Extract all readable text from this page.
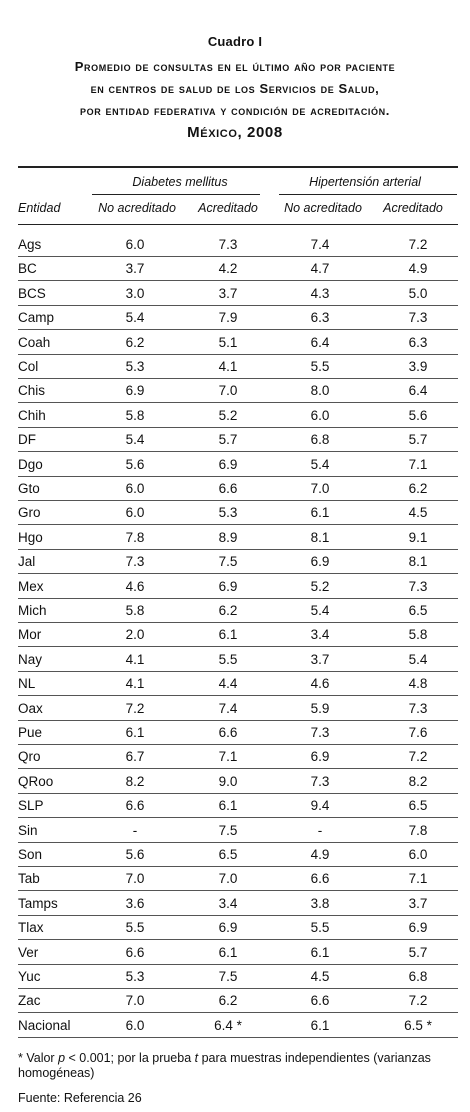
Cuadro I
Promedio de consultas en el último año por paciente
en centros de salud de los Servicios de Salud,
por entidad federativa y condición de acreditación.
México, 2008
Diabetes mellitus	Hipertensión arterial
Entidad	No acreditado	Acreditado	No acreditado	Acreditado
Ags	6.0	7.3	7.4	7.2
BC	3.7	4.2	4.7	4.9
BCS	3.0	3.7	4.3	5.0
Camp	5.4	7.9	6.3	7.3
Coah	6.2	5.1	6.4	6.3
Col	5.3	4.1	5.5	3.9
Chis	6.9	7.0	8.0	6.4
Chih	5.8	5.2	6.0	5.6
DF	5.4	5.7	6.8	5.7
Dgo	5.6	6.9	5.4	7.1
Gto	6.0	6.6	7.0	6.2
Gro	6.0	5.3	6.1	4.5
Hgo	7.8	8.9	8.1	9.1
Jal	7.3	7.5	6.9	8.1
Mex	4.6	6.9	5.2	7.3
Mich	5.8	6.2	5.4	6.5
Mor	2.0	6.1	3.4	5.8
Nay	4.1	5.5	3.7	5.4
NL	4.1	4.4	4.6	4.8
Oax	7.2	7.4	5.9	7.3
Pue	6.1	6.6	7.3	7.6
Qro	6.7	7.1	6.9	7.2
QRoo	8.2	9.0	7.3	8.2
SLP	6.6	6.1	9.4	6.5
Sin	-	7.5	-	7.8
Son	5.6	6.5	4.9	6.0
Tab	7.0	7.0	6.6	7.1
Tamps	3.6	3.4	3.8	3.7
Tlax	5.5	6.9	5.5	6.9
Ver	6.6	6.1	6.1	5.7
Yuc	5.3	7.5	4.5	6.8
Zac	7.0	6.2	6.6	7.2
Nacional	6.0	6.4 *	6.1	6.5 *
* Valor p < 0.001; por la prueba t para muestras independientes (varianzas homogéneas)
Fuente: Referencia 26
